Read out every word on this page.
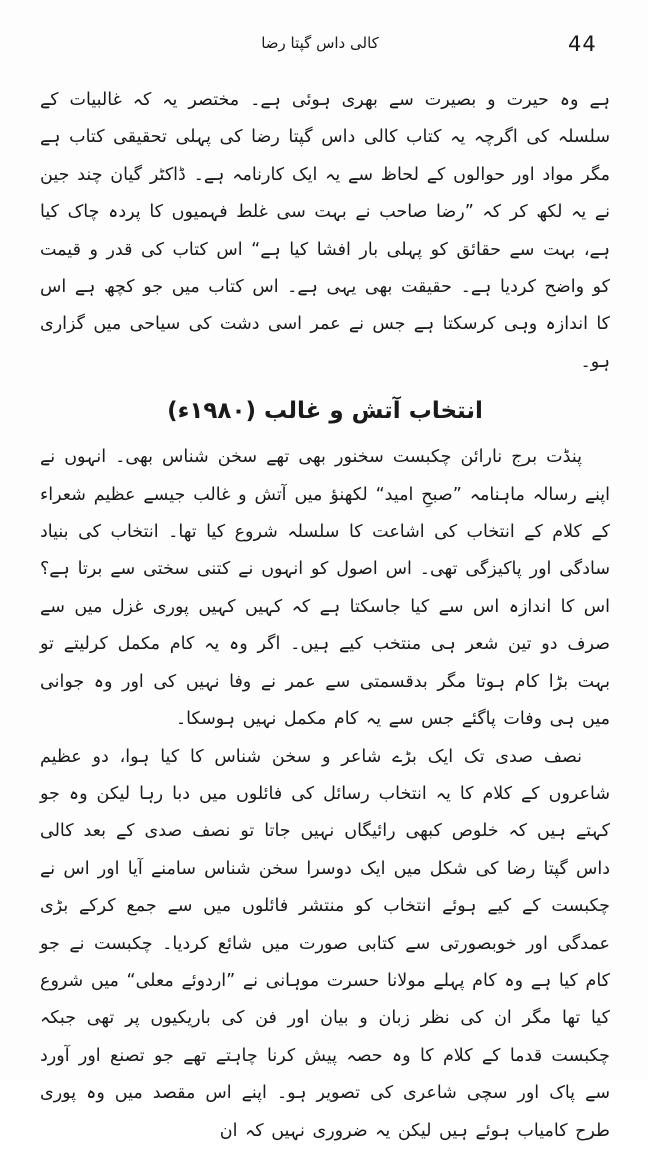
44
کالی داس گپتا رضا

ہے وہ حیرت و بصیرت سے بھری ہوئی ہے۔ مختصر یہ کہ غالبیات کے سلسلہ کی اگرچہ یہ کتاب کالی داس گپتا رضا کی پہلی تحقیقی کتاب ہے مگر مواد اور حوالوں کے لحاظ سے یہ ایک کارنامہ ہے۔ ڈاکٹر گیان چند جین نے یہ لکھ کر کہ ”رضا صاحب نے بہت سی غلط فہمیوں کا پردہ چاک کیا ہے، بہت سے حقائق کو پہلی بار افشا کیا ہے“ اس کتاب کی قدر و قیمت کو واضح کردیا ہے۔ حقیقت بھی یہی ہے۔ اس کتاب میں جو کچھ ہے اس کا اندازہ وہی کرسکتا ہے جس نے عمر اسی دشت کی سیاحی میں گزاری ہو۔

انتخاب آتش و غالب (۱۹۸۰ء)

پنڈت برج نارائن چکبست سخنور بھی تھے سخن شناس بھی۔ انہوں نے اپنے رسالہ ماہنامہ ”صبحِ امید“ لکھنؤ میں آتش و غالب جیسے عظیم شعراء کے کلام کے انتخاب کی اشاعت کا سلسلہ شروع کیا تھا۔ انتخاب کی بنیاد سادگی اور پاکیزگی تھی۔ اس اصول کو انہوں نے کتنی سختی سے برتا ہے؟ اس کا اندازہ اس سے کیا جاسکتا ہے کہ کہیں کہیں پوری غزل میں سے صرف دو تین شعر ہی منتخب کیے ہیں۔ اگر وہ یہ کام مکمل کرلیتے تو بہت بڑا کام ہوتا مگر بدقسمتی سے عمر نے وفا نہیں کی اور وہ جوانی میں ہی وفات پاگئے جس سے یہ کام مکمل نہیں ہوسکا۔

نصف صدی تک ایک بڑے شاعر و سخن شناس کا کیا ہوا، دو عظیم شاعروں کے کلام کا یہ انتخاب رسائل کی فائلوں میں دبا رہا لیکن وہ جو کہتے ہیں کہ خلوص کبھی رائیگاں نہیں جاتا تو نصف صدی کے بعد کالی داس گپتا رضا کی شکل میں ایک دوسرا سخن شناس سامنے آیا اور اس نے چکبست کے کیے ہوئے انتخاب کو منتشر فائلوں میں سے جمع کرکے بڑی عمدگی اور خوبصورتی سے کتابی صورت میں شائع کردیا۔ چکبست نے جو کام کیا ہے وہ کام پہلے مولانا حسرت موہانی نے ”اردوئے معلی“ میں شروع کیا تھا مگر ان کی نظر زبان و بیان اور فن کی باریکیوں پر تھی جبکہ چکبست قدما کے کلام کا وہ حصہ پیش کرنا چاہتے تھے جو تصنع اور آورد سے پاک اور سچی شاعری کی تصویر ہو۔ اپنے اس مقصد میں وہ پوری طرح کامیاب ہوئے ہیں لیکن یہ ضروری نہیں کہ ان
